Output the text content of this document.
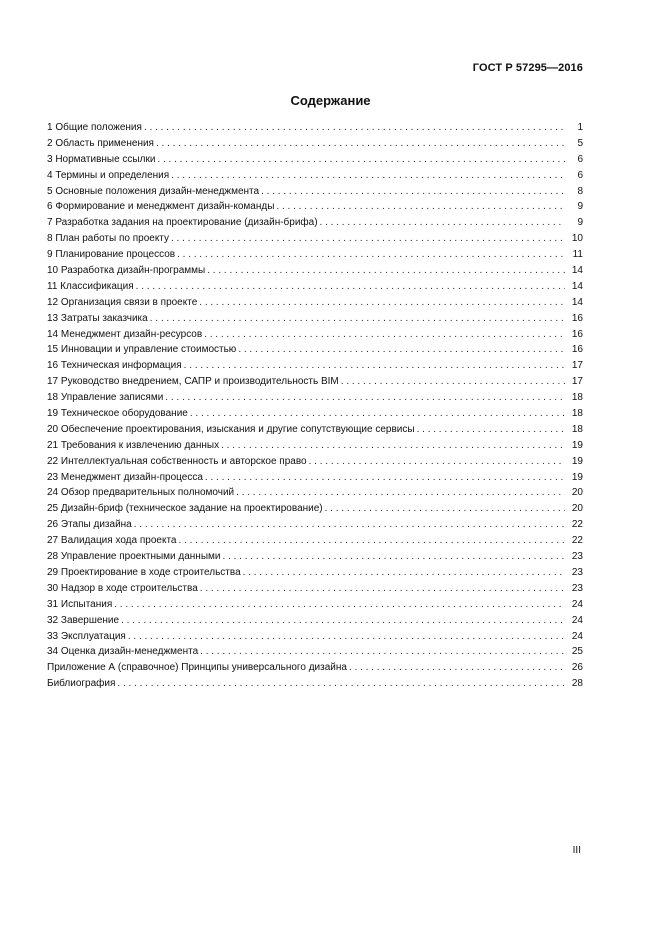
ГОСТ Р 57295—2016
Содержание
1 Общие положения . . .	1
2 Область применения . . .	5
3 Нормативные ссылки . . .	6
4 Термины и определения . . .	6
5 Основные положения дизайн-менеджмента . . .	8
6 Формирование и менеджмент дизайн-команды . . .	9
7 Разработка задания на проектирование (дизайн-брифа) . . .	9
8 План работы по проекту . . .	10
9 Планирование процессов . . .	11
10 Разработка дизайн-программы . . .	14
11 Классификация . . .	14
12 Организация связи в проекте . . .	14
13 Затраты заказчика . . .	16
14 Менеджмент дизайн-ресурсов . . .	16
15 Инновации и управление стоимостью . . .	16
16 Техническая информация . . .	17
17 Руководство внедрением, САПР и производительность BIM . . .	17
18 Управление записями . . .	18
19 Техническое оборудование . . .	18
20 Обеспечение проектирования, изыскания и другие сопутствующие сервисы . . .	18
21 Требования к извлечению данных . . .	19
22 Интеллектуальная собственность и авторское право . . .	19
23 Менеджмент дизайн-процесса . . .	19
24 Обзор предварительных полномочий . . .	20
25 Дизайн-бриф (техническое задание на проектирование) . . .	20
26 Этапы дизайна . . .	22
27 Валидация хода проекта . . .	22
28 Управление проектными данными . . .	23
29 Проектирование в ходе строительства . . .	23
30 Надзор в ходе строительства . . .	23
31 Испытания . . .	24
32 Завершение . . .	24
33 Эксплуатация . . .	24
34 Оценка дизайн-менеджмента . . .	25
Приложение А (справочное) Принципы универсального дизайна . . .	26
Библиография . . .	28
III
